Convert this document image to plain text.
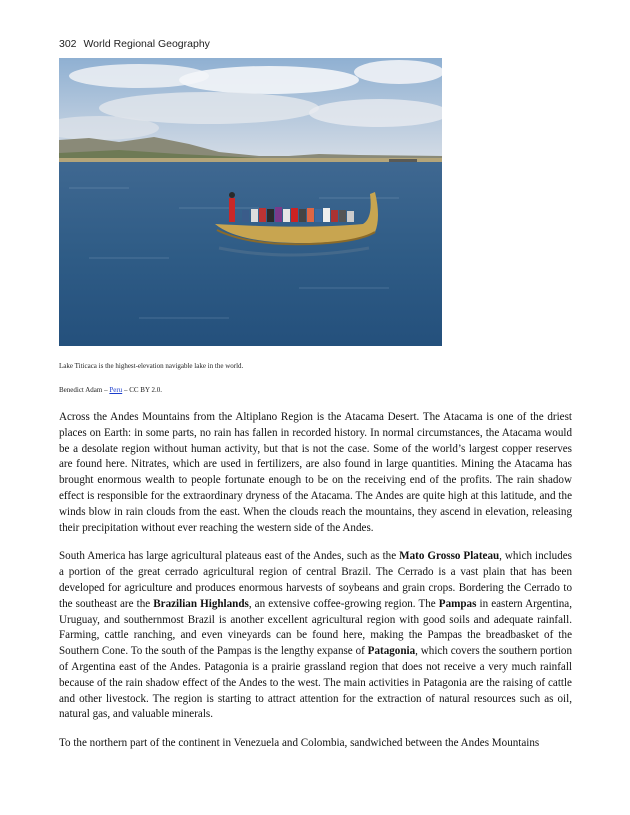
302 World Regional Geography
Lake Titicaca is the highest-elevation navigable lake in the world.
Benedict Adam – Peru – CC BY 2.0.

Across the Andes Mountains from the Altiplano Region is the Atacama Desert. The Atacama is one of the driest places on Earth: in some parts, no rain has fallen in recorded history. In normal circumstances, the Atacama would be a desolate region without human activity, but that is not the case. Some of the world’s largest copper reserves are found here. Nitrates, which are used in fertilizers, are also found in large quantities. Mining the Atacama has brought enormous wealth to people fortunate enough to be on the receiving end of the profits. The rain shadow effect is responsible for the extraordinary dryness of the Atacama. The Andes are quite high at this latitude, and the winds blow in rain clouds from the east. When the clouds reach the mountains, they ascend in elevation, releasing their precipitation without ever reaching the western side of the Andes.

South America has large agricultural plateaus east of the Andes, such as the Mato Grosso Plateau, which includes a portion of the great cerrado agricultural region of central Brazil. The Cerrado is a vast plain that has been developed for agriculture and produces enormous harvests of soybeans and grain crops. Bordering the Cerrado to the southeast are the Brazilian Highlands, an extensive coffee-growing region. The Pampas in eastern Argentina, Uruguay, and southernmost Brazil is another excellent agricultural region with good soils and adequate rainfall. Farming, cattle ranching, and even vineyards can be found here, making the Pampas the breadbasket of the Southern Cone. To the south of the Pampas is the lengthy expanse of Patagonia, which covers the southern portion of Argentina east of the Andes. Patagonia is a prairie grassland region that does not receive a very much rainfall because of the rain shadow effect of the Andes to the west. The main activities in Patagonia are the raising of cattle and other livestock. The region is starting to attract attention for the extraction of natural resources such as oil, natural gas, and valuable minerals.

To the northern part of the continent in Venezuela and Colombia, sandwiched between the Andes Mountains
